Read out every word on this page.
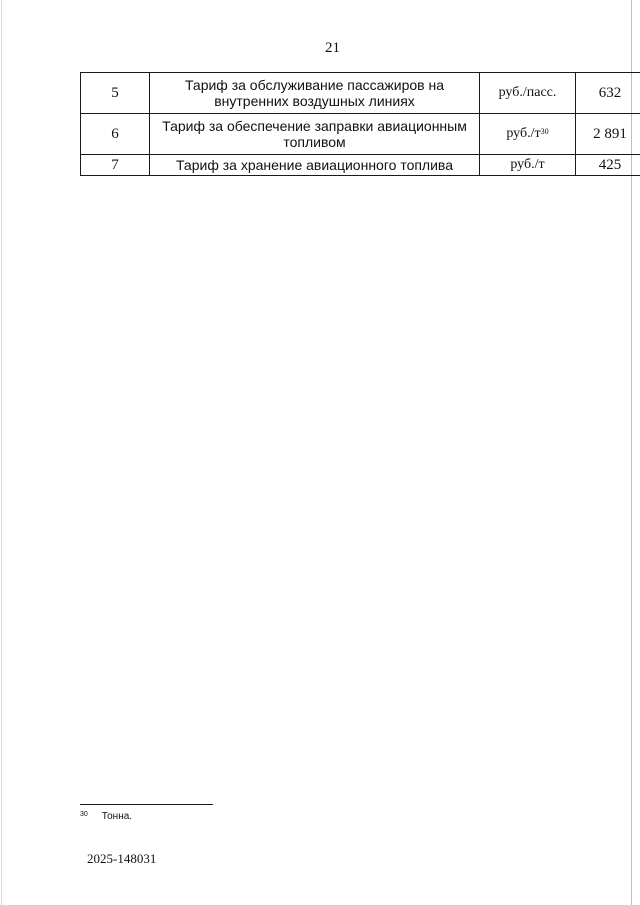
21
5	Тариф за обслуживание пассажиров на внутренних воздушных линиях	руб./пасс.	632
6	Тариф за обеспечение заправки авиационным топливом	$руб./т^{30}$	2 891
7	Тариф за хранение авиационного топлива	руб./т	425
$^{30}$ Тонна.
2025-148031
